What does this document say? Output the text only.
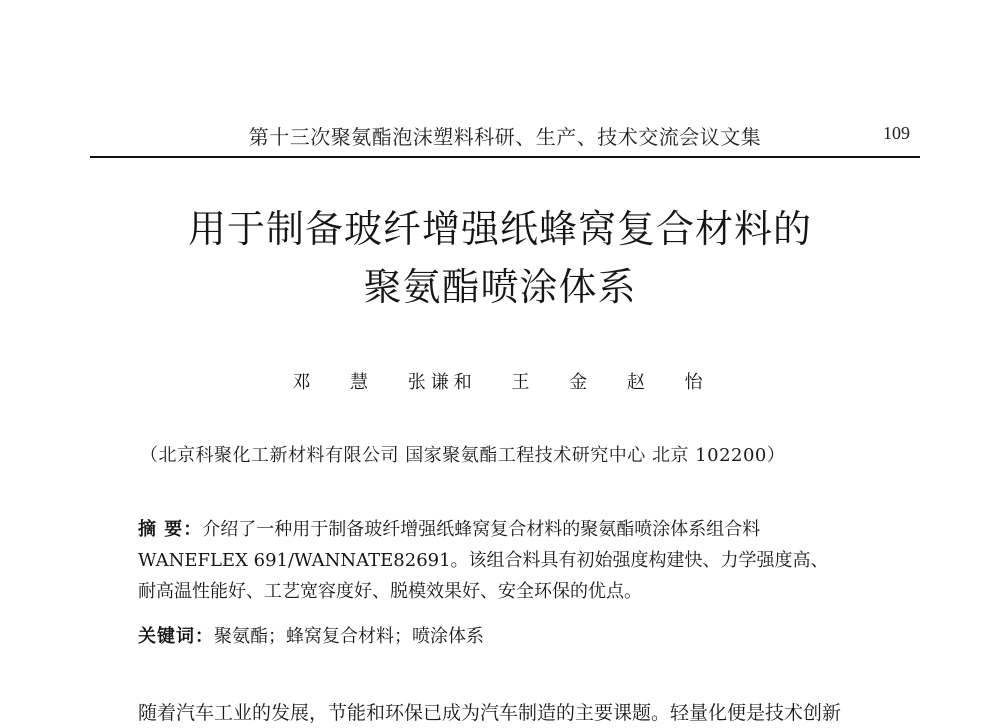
第十三次聚氨酯泡沫塑料科研、生产、技术交流会议文集	109
用于制备玻纤增强纸蜂窝复合材料的
聚氨酯喷涂体系
邓 慧 张谦和 王 金 赵 怡
（北京科聚化工新材料有限公司 国家聚氨酯工程技术研究中心 北京 102200）
摘 要：介绍了一种用于制备玻纤增强纸蜂窝复合材料的聚氨酯喷涂体系组合料
WANEFLEX 691/WANNATE82691。该组合料具有初始强度构建快、力学强度高、
耐高温性能好、工艺宽容度好、脱模效果好、安全环保的优点。
关键词：聚氨酯；蜂窝复合材料；喷涂体系
随着汽车工业的发展，节能和环保已成为汽车制造的主要课题。轻量化便是技术创新
